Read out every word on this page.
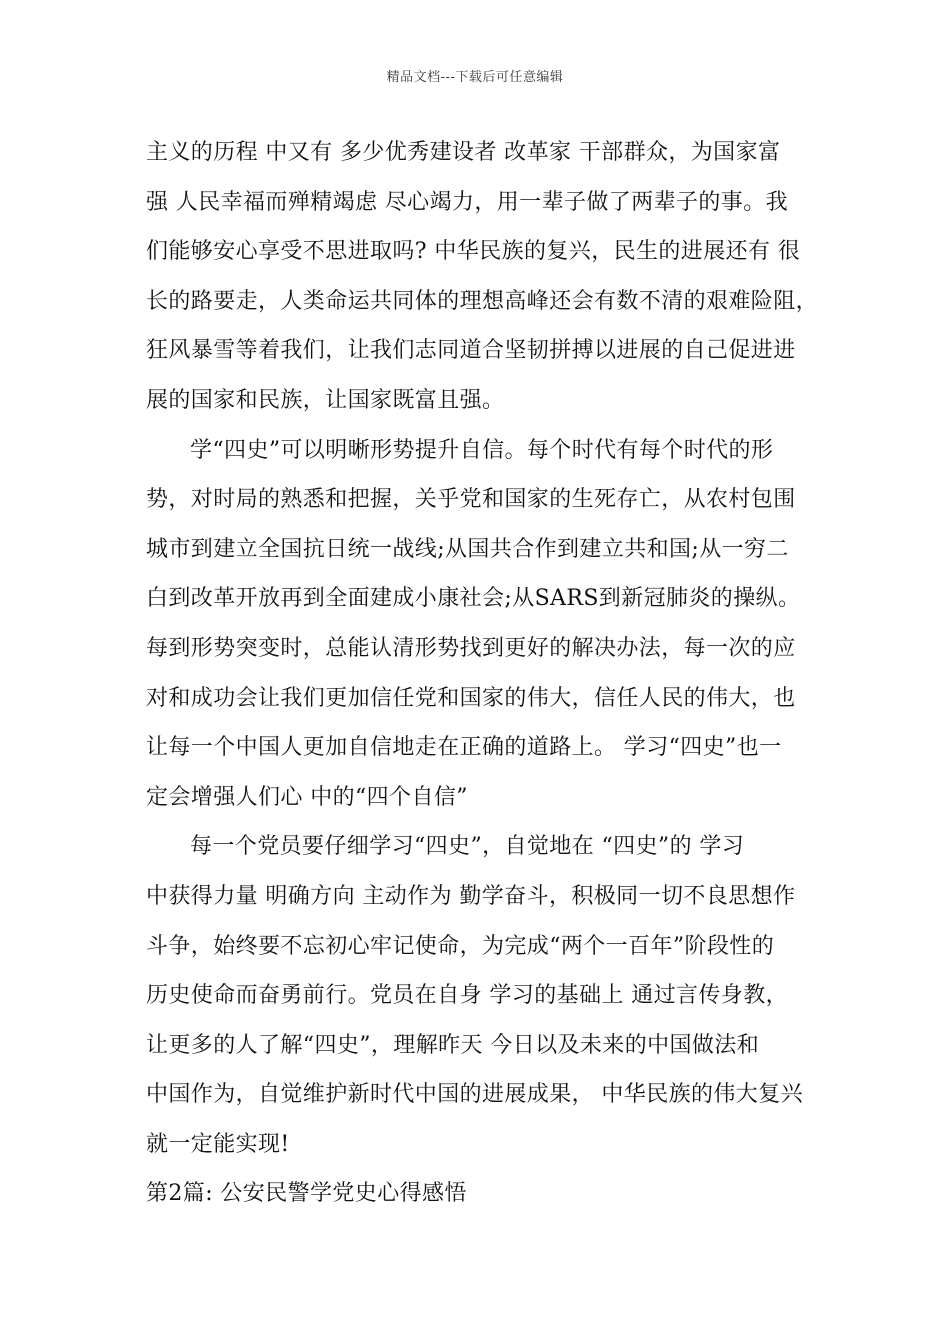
精品文档---下载后可任意编辑
主义的历程 中又有 多少优秀建设者 改革家 干部群众，为国家富
强 人民幸福而殚精竭虑 尽心竭力，用一辈子做了两辈子的事。我
们能够安心享受不思进取吗? 中华民族的复兴，民生的进展还有 很
长的路要走，人类命运共同体的理想高峰还会有数不清的艰难险阻，
狂风暴雪等着我们，让我们志同道合坚韧拼搏以进展的自己促进进
展的国家和民族，让国家既富且强。
学“四史”可以明晰形势提升自信。每个时代有每个时代的形
势，对时局的熟悉和把握，关乎党和国家的生死存亡，从农村包围
城市到建立全国抗日统一战线;从国共合作到建立共和国;从一穷二
白到改革开放再到全面建成小康社会;从SARS到新冠肺炎的操纵。
每到形势突变时，总能认清形势找到更好的解决办法，每一次的应
对和成功会让我们更加信任党和国家的伟大，信任人民的伟大，也
让每一个中国人更加自信地走在正确的道路上。 学习“四史”也一
定会增强人们心 中的“四个自信”
每一个党员要仔细学习“四史”，自觉地在 “四史”的 学习
中获得力量 明确方向 主动作为 勤学奋斗，积极同一切不良思想作
斗争，始终要不忘初心牢记使命，为完成“两个一百年”阶段性的
历史使命而奋勇前行。党员在自身 学习的基础上 通过言传身教，
让更多的人了解“四史”，理解昨天 今日以及未来的中国做法和
中国作为，自觉维护新时代中国的进展成果， 中华民族的伟大复兴
就一定能实现!
第2篇: 公安民警学党史心得感悟
